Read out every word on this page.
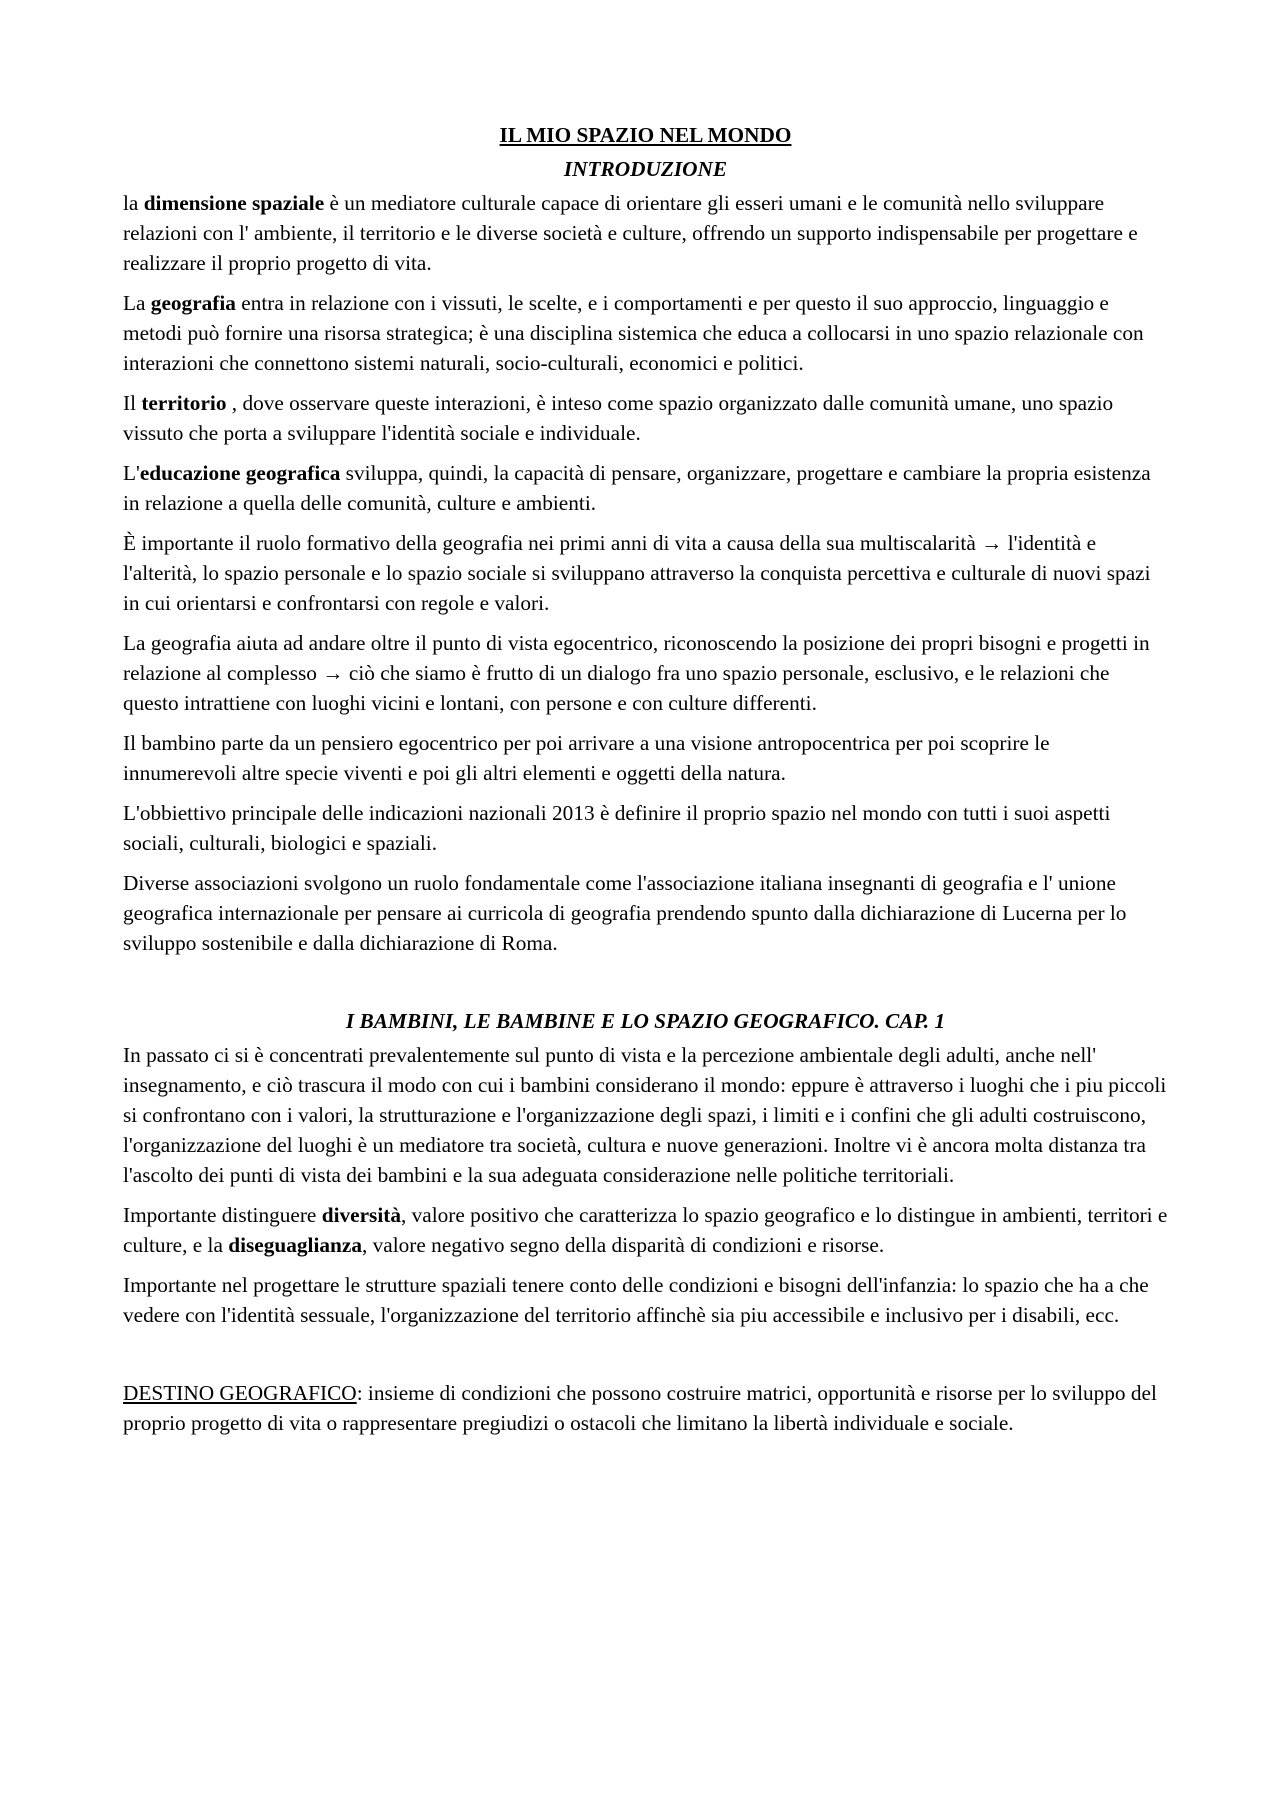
IL MIO SPAZIO NEL MONDO
INTRODUZIONE

la dimensione spaziale è un mediatore culturale capace di orientare gli esseri umani e le comunità nello sviluppare relazioni con l' ambiente, il territorio e le diverse società e culture, offrendo un supporto indispensabile per progettare e realizzare il proprio progetto di vita.

La geografia entra in relazione con i vissuti, le scelte, e i comportamenti e per questo il suo approccio, linguaggio e metodi può fornire una risorsa strategica; è una disciplina sistemica che educa a collocarsi in uno spazio relazionale con interazioni che connettono sistemi naturali, socio-culturali, economici e politici.

Il territorio , dove osservare queste interazioni, è inteso come spazio organizzato dalle comunità umane, uno spazio vissuto che porta a sviluppare l'identità sociale e individuale.

L'educazione geografica sviluppa, quindi, la capacità di pensare, organizzare, progettare e cambiare la propria esistenza in relazione a quella delle comunità, culture e ambienti.

È importante il ruolo formativo della geografia nei primi anni di vita a causa della sua multiscalarità → l'identità e l'alterità, lo spazio personale e lo spazio sociale si sviluppano attraverso la conquista percettiva e culturale di nuovi spazi in cui orientarsi e confrontarsi con regole e valori.

La geografia aiuta ad andare oltre il punto di vista egocentrico, riconoscendo la posizione dei propri bisogni e progetti in relazione al complesso → ciò che siamo è frutto di un dialogo fra uno spazio personale, esclusivo, e le relazioni che questo intrattiene con luoghi vicini e lontani, con persone e con culture differenti.

Il bambino parte da un pensiero egocentrico per poi arrivare a una visione antropocentrica per poi scoprire le innumerevoli altre specie viventi e poi gli altri elementi e oggetti della natura.

L'obbiettivo principale delle indicazioni nazionali 2013 è definire il proprio spazio nel mondo con tutti i suoi aspetti sociali, culturali, biologici e spaziali.

Diverse associazioni svolgono un ruolo fondamentale come l'associazione italiana insegnanti di geografia e l' unione geografica internazionale per pensare ai curricola di geografia prendendo spunto dalla dichiarazione di Lucerna per lo sviluppo sostenibile e dalla dichiarazione di Roma.

I BAMBINI, LE BAMBINE E LO SPAZIO GEOGRAFICO. CAP. 1

In passato ci si è concentrati prevalentemente sul punto di vista e la percezione ambientale degli adulti, anche nell' insegnamento, e ciò trascura il modo con cui i bambini considerano il mondo: eppure è attraverso i luoghi che i piu piccoli si confrontano con i valori, la strutturazione e l'organizzazione degli spazi, i limiti e i confini che gli adulti costruiscono, l'organizzazione del luoghi è un mediatore tra società, cultura e nuove generazioni. Inoltre vi è ancora molta distanza tra l'ascolto dei punti di vista dei bambini e la sua adeguata considerazione nelle politiche territoriali.

Importante distinguere diversità, valore positivo che caratterizza lo spazio geografico e lo distingue in ambienti, territori e culture, e la diseguaglianza, valore negativo segno della disparità di condizioni e risorse.

Importante nel progettare le strutture spaziali tenere conto delle condizioni e bisogni dell'infanzia: lo spazio che ha a che vedere con l'identità sessuale, l'organizzazione del territorio affinchè sia piu accessibile e inclusivo per i disabili, ecc.

DESTINO GEOGRAFICO: insieme di condizioni che possono costruire matrici, opportunità e risorse per lo sviluppo del proprio progetto di vita o rappresentare pregiudizi o ostacoli che limitano la libertà individuale e sociale.
